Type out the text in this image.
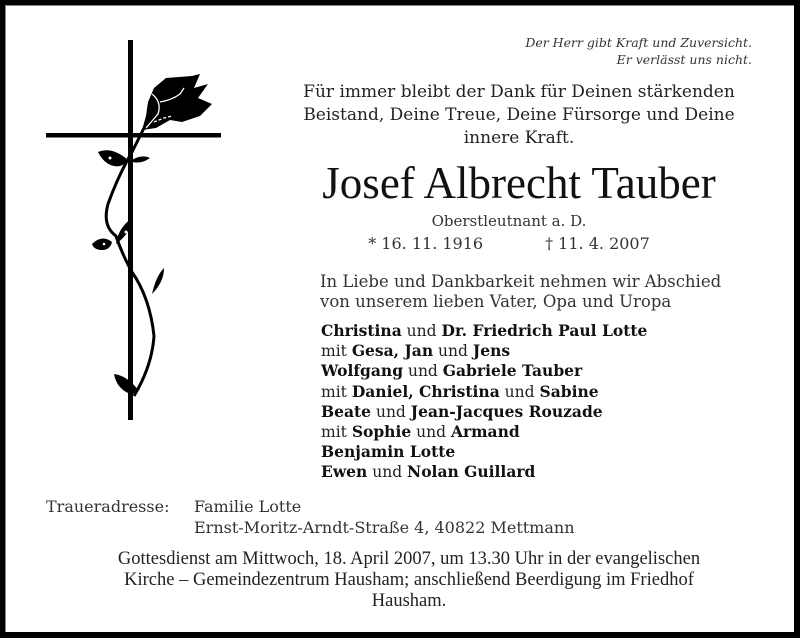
Der Herr gibt Kraft und Zuversicht.
Er verlässt uns nicht.
Für immer bleibt der Dank für Deinen stärkenden
Beistand, Deine Treue, Deine Fürsorge und Deine
innere Kraft.
Josef Albrecht Tauber
Oberstleutnant a. D.
* 16. 11. 1916	† 11. 4. 2007
In Liebe und Dankbarkeit nehmen wir Abschied
von unserem lieben Vater, Opa und Uropa
Christina und Dr. Friedrich Paul Lotte
mit Gesa, Jan und Jens
Wolfgang und Gabriele Tauber
mit Daniel, Christina und Sabine
Beate und Jean-Jacques Rouzade
mit Sophie und Armand
Benjamin Lotte
Ewen und Nolan Guillard
Traueradresse: Familie Lotte
Ernst-Moritz-Arndt-Straße 4, 40822 Mettmann
Gottesdienst am Mittwoch, 18. April 2007, um 13.30 Uhr in der evangelischen
Kirche – Gemeindezentrum Hausham; anschließend Beerdigung im Friedhof
Hausham.
